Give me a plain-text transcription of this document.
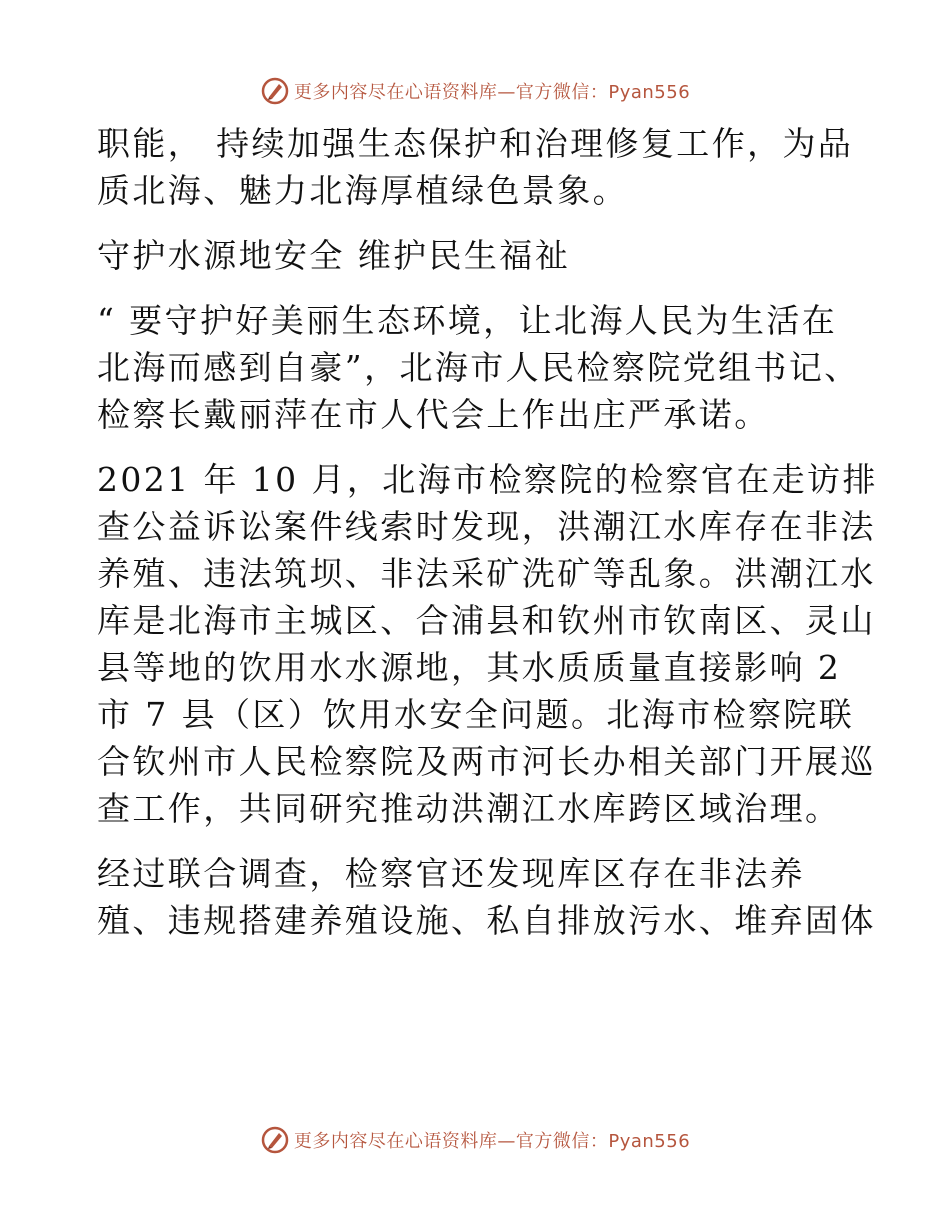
更多内容尽在心语资料库—官方微信：Pyan556

职能， 持续加强生态保护和治理修复工作，为品
质北海、魅力北海厚植绿色景象。

守护水源地安全 维护民生福祉

“ 要守护好美丽生态环境，让北海人民为生活在
北海而感到自豪”，北海市人民检察院党组书记、
检察长戴丽萍在市人代会上作出庄严承诺。

2021 年 10 月，北海市检察院的检察官在走访排
查公益诉讼案件线索时发现，洪潮江水库存在非法
养殖、违法筑坝、非法采矿洗矿等乱象。洪潮江水
库是北海市主城区、合浦县和钦州市钦南区、灵山
县等地的饮用水水源地，其水质质量直接影响 2
市 7 县（区）饮用水安全问题。北海市检察院联
合钦州市人民检察院及两市河长办相关部门开展巡
查工作，共同研究推动洪潮江水库跨区域治理。

经过联合调查，检察官还发现库区存在非法养
殖、违规搭建养殖设施、私自排放污水、堆弃固体

更多内容尽在心语资料库—官方微信：Pyan556
